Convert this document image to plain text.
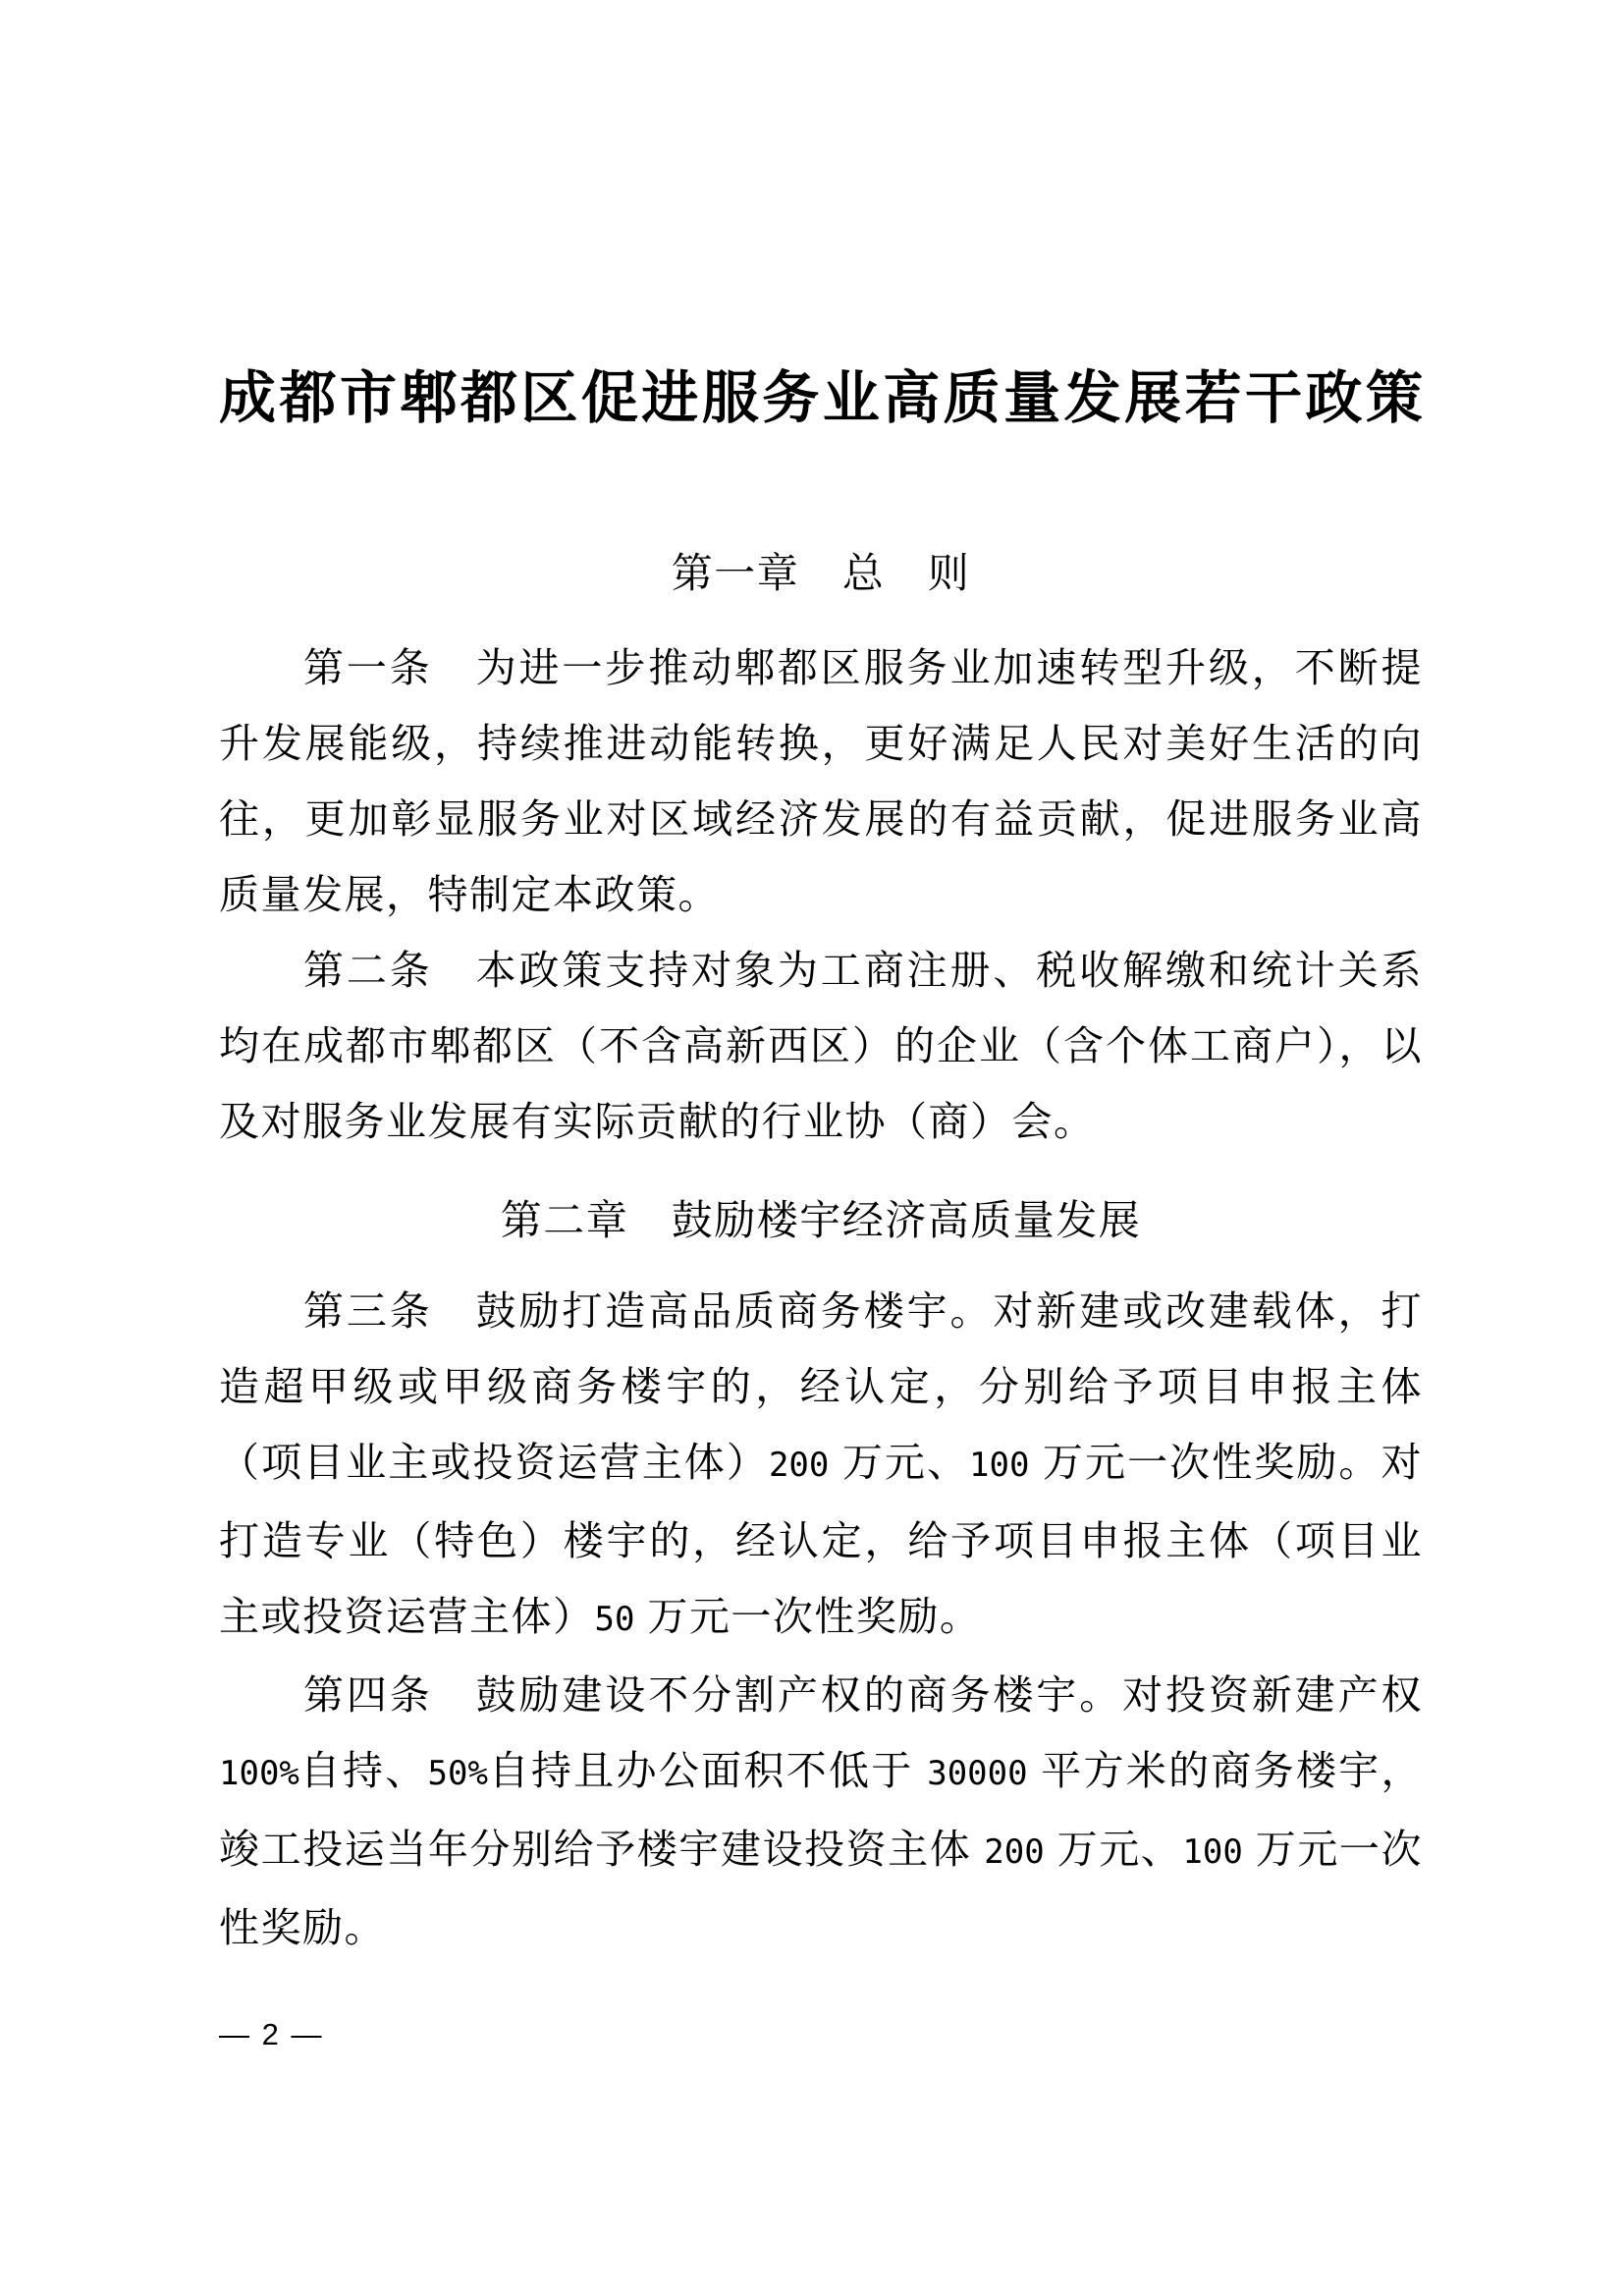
成都市郫都区促进服务业高质量发展若干政策
第一章　总　则

第一条　为进一步推动郫都区服务业加速转型升级，不断提升发展能级，持续推进动能转换，更好满足人民对美好生活的向往，更加彰显服务业对区域经济发展的有益贡献，促进服务业高质量发展，特制定本政策。

第二条　本政策支持对象为工商注册、税收解缴和统计关系均在成都市郫都区（不含高新西区）的企业（含个体工商户），以及对服务业发展有实际贡献的行业协（商）会。

第二章　鼓励楼宇经济高质量发展

第三条　鼓励打造高品质商务楼宇。对新建或改建载体，打造超甲级或甲级商务楼宇的，经认定，分别给予项目申报主体（项目业主或投资运营主体）200 万元、100 万元一次性奖励。对打造专业（特色）楼宇的，经认定，给予项目申报主体（项目业主或投资运营主体）50 万元一次性奖励。

第四条　鼓励建设不分割产权的商务楼宇。对投资新建产权 100%自持、50%自持且办公面积不低于 30000 平方米的商务楼宇，竣工投运当年分别给予楼宇建设投资主体 200 万元、100 万元一次性奖励。

— 2 —
